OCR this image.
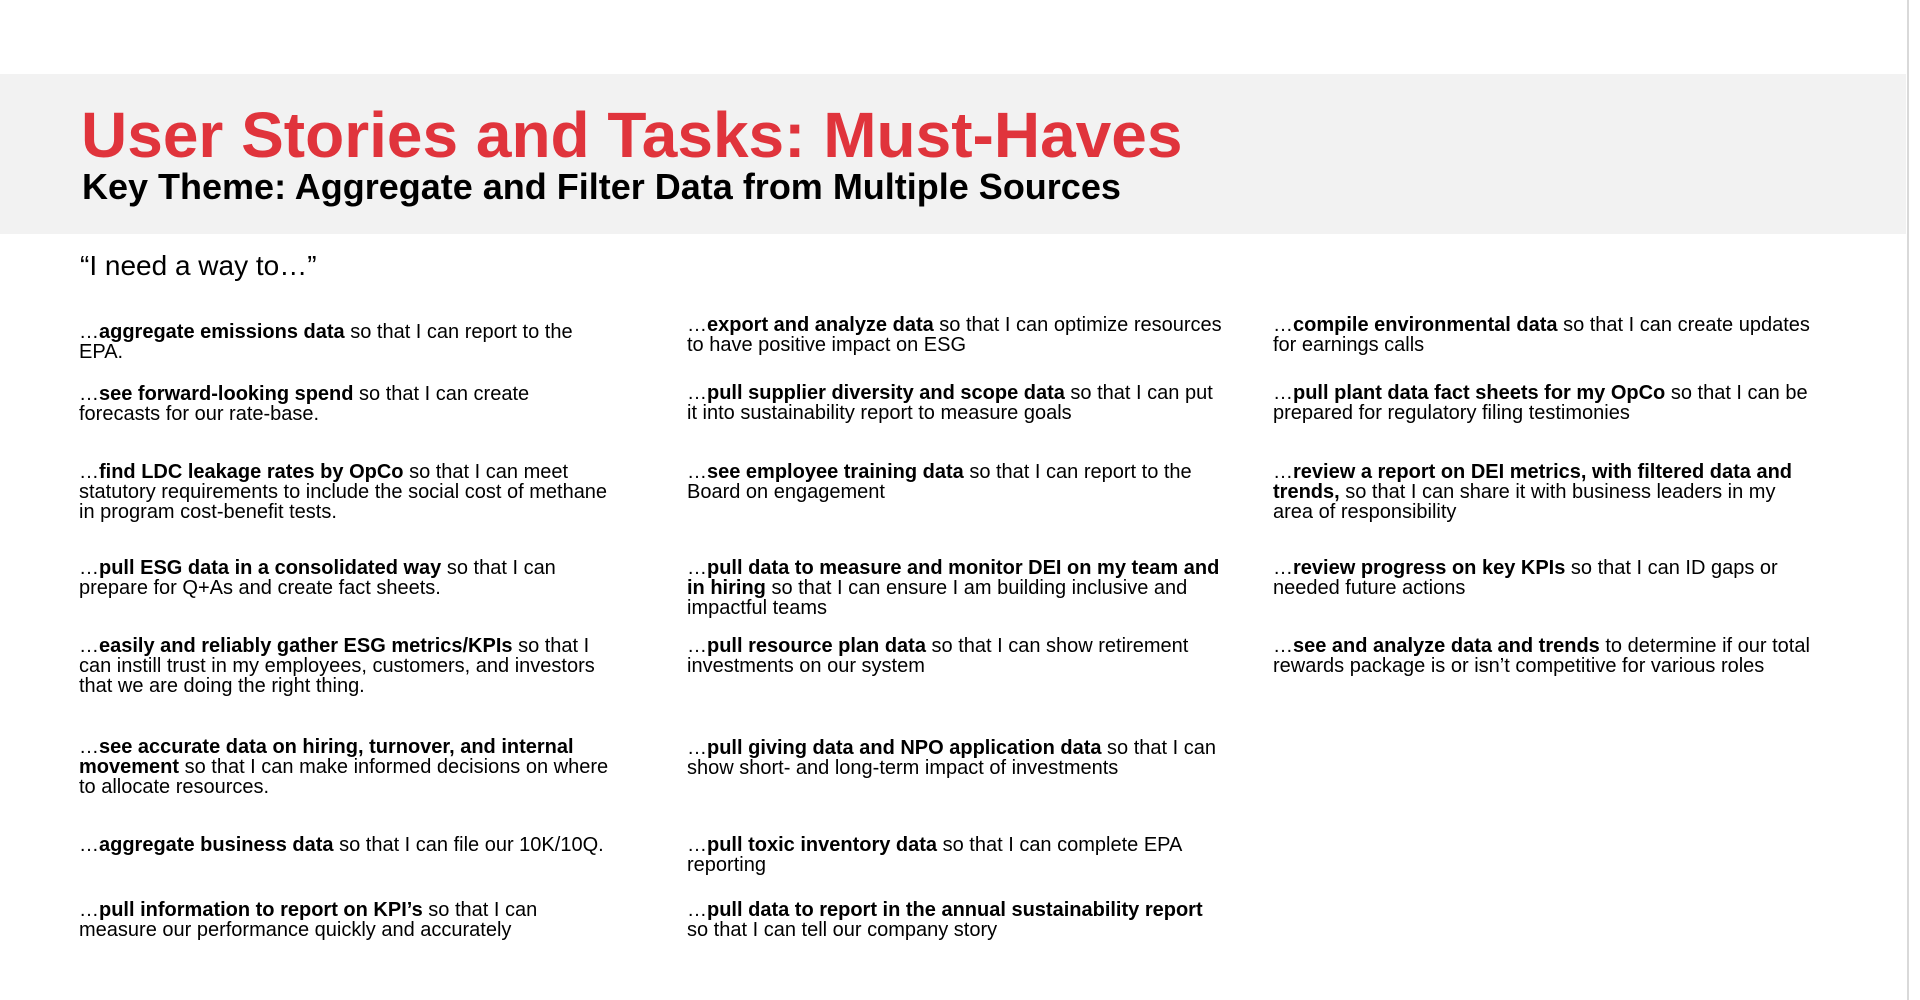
User Stories and Tasks: Must-Haves
Key Theme: Aggregate and Filter Data from Multiple Sources

“I need a way to…”

…aggregate emissions data so that I can report to the EPA.

…see forward-looking spend so that I can create forecasts for our rate-base.

…find LDC leakage rates by OpCo so that I can meet statutory requirements to include the social cost of methane in program cost-benefit tests.

…pull ESG data in a consolidated way so that I can prepare for Q+As and create fact sheets.

…easily and reliably gather ESG metrics/KPIs so that I can instill trust in my employees, customers, and investors that we are doing the right thing.

…see accurate data on hiring, turnover, and internal movement so that I can make informed decisions on where to allocate resources.

…aggregate business data so that I can file our 10K/10Q.

…pull information to report on KPI’s so that I can measure our performance quickly and accurately

…export and analyze data so that I can optimize resources to have positive impact on ESG

…pull supplier diversity and scope data so that I can put it into sustainability report to measure goals

…see employee training data so that I can report to the Board on engagement

…pull data to measure and monitor DEI on my team and in hiring so that I can ensure I am building inclusive and impactful teams

…pull resource plan data so that I can show retirement investments on our system

…pull giving data and NPO application data so that I can show short- and long-term impact of investments

…pull toxic inventory data so that I can complete EPA reporting

…pull data to report in the annual sustainability report so that I can tell our company story

…compile environmental data so that I can create updates for earnings calls

…pull plant data fact sheets for my OpCo so that I can be prepared for regulatory filing testimonies

…review a report on DEI metrics, with filtered data and trends, so that I can share it with business leaders in my area of responsibility

…review progress on key KPIs so that I can ID gaps or needed future actions

…see and analyze data and trends to determine if our total rewards package is or isn’t competitive for various roles
